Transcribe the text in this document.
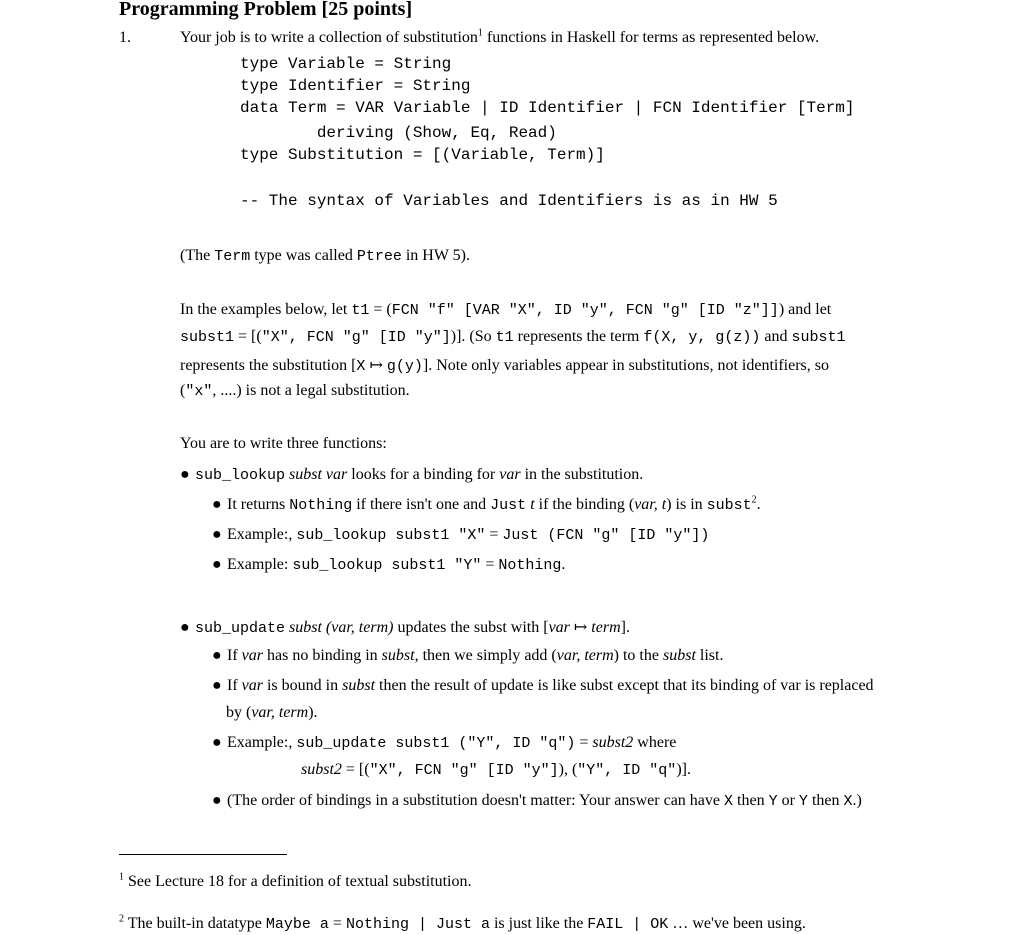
Programming Problem [25 points]
1.	Your job is to write a collection of substitution$^1$ functions in Haskell for terms as represented below.
type Variable = String
type Identifier = String
data Term = VAR Variable | ID Identifier | FCN Identifier [Term]
deriving (Show, Eq, Read)
type Substitution = [(Variable, Term)]
-- The syntax of Variables and Identifiers is as in HW 5
(The Term type was called Ptree in HW 5).
In the examples below, let t1 = (FCN "f" [VAR "X", ID "y", FCN "g" [ID "z"]]) and let
subst1 = [("X", FCN "g" [ID "y"])]. (So t1 represents the term f(X, y, g(z)) and subst1
represents the substitution [X ↦ g(y)]. Note only variables appear in substitutions, not identifiers, so
("x", ....) is not a legal substitution.
You are to write three functions:
● sub_lookup subst var looks for a binding for var in the substitution.
● It returns Nothing if there isn't one and Just t if the binding (var, t) is in subst$^2$.
● Example:, sub_lookup subst1 "X" = Just (FCN "g" [ID "y"])
● Example: sub_lookup subst1 "Y" = Nothing.
● sub_update subst (var, term) updates the subst with [var ↦ term].
● If var has no binding in subst, then we simply add (var, term) to the subst list.
● If var is bound in subst then the result of update is like subst except that its binding of var is replaced
by (var, term).
● Example:, sub_update subst1 ("Y", ID "q") = subst2 where
subst2 = [("X", FCN "g" [ID "y"]), ("Y", ID "q")].
● (The order of bindings in a substitution doesn't matter: Your answer can have X then Y or Y then X.)
$^1$ See Lecture 18 for a definition of textual substitution.
$^2$ The built-in datatype Maybe a = Nothing | Just a is just like the FAIL | OK … we've been using.
